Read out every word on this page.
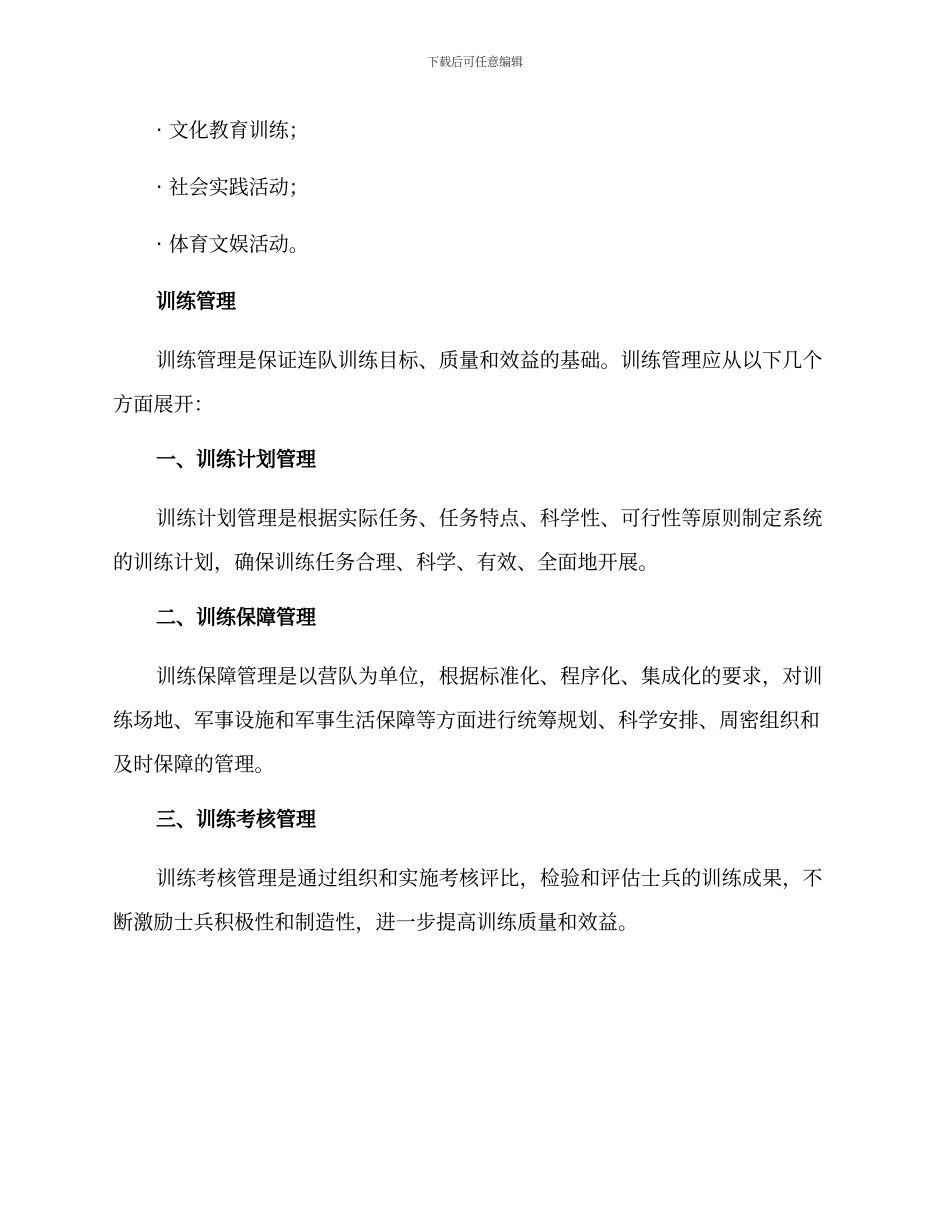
下载后可任意编辑
· 文化教育训练；
· 社会实践活动；
· 体育文娱活动。
训练管理
训练管理是保证连队训练目标、质量和效益的基础。训练管理应从以下几个方面展开：
一、训练计划管理
训练计划管理是根据实际任务、任务特点、科学性、可行性等原则制定系统的训练计划，确保训练任务合理、科学、有效、全面地开展。
二、训练保障管理
训练保障管理是以营队为单位，根据标准化、程序化、集成化的要求，对训练场地、军事设施和军事生活保障等方面进行统筹规划、科学安排、周密组织和及时保障的管理。
三、训练考核管理
训练考核管理是通过组织和实施考核评比，检验和评估士兵的训练成果，不断激励士兵积极性和制造性，进一步提高训练质量和效益。
